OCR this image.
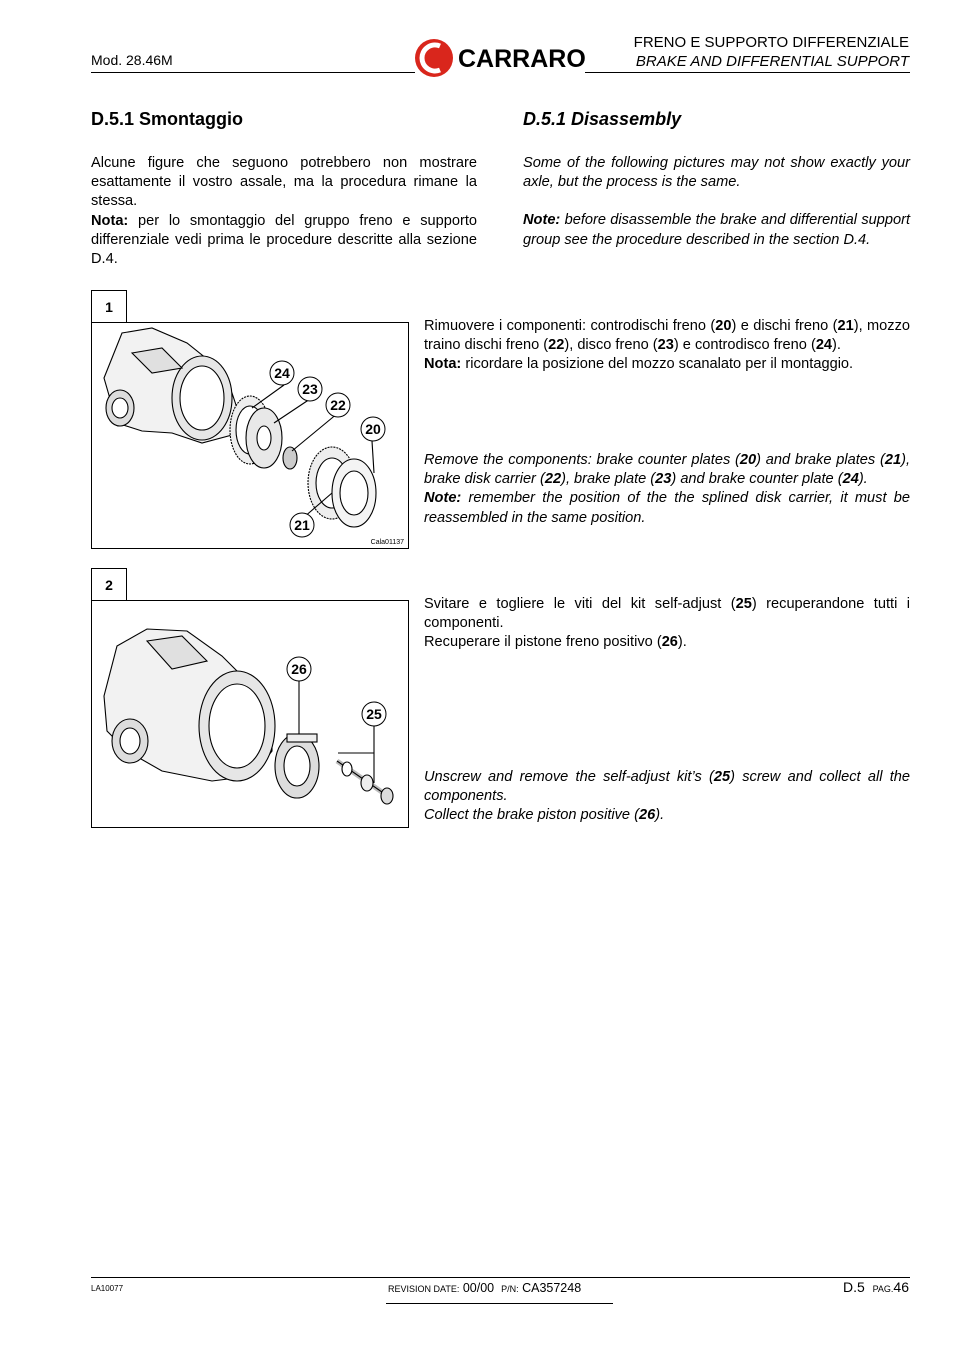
Mod. 28.46M	CARRARO
FRENO E SUPPORTO DIFFERENZIALE
BRAKE AND DIFFERENTIAL SUPPORT
D.5.1 Smontaggio	D.5.1 Disassembly

Alcune figure che seguono potrebbero non mostrare esattamente il vostro assale, ma la procedura rimane la stessa.

Nota: per lo smontaggio del gruppo freno e supporto differenziale vedi prima le procedure descritte alla sezione D.4.

Some of the following pictures may not show exactly your axle, but the process is the same.

Note: before disassemble the brake and differential support group see the procedure described in the section D.4.

1
24
23
22
20
21
Cala01137

Rimuovere i componenti: controdischi freno (20) e dischi freno (21), mozzo traino dischi freno (22), disco freno (23) e controdisco freno (24).

Nota: ricordare la posizione del mozzo scanalato per il montaggio.

Remove the components: brake counter plates (20) and brake plates (21), brake disk carrier (22), brake plate (23) and brake counter plate (24).

Note: remember the position of the the splined disk carrier, it must be reassembled in the same position.

2
26
25

Svitare e togliere le viti del kit self-adjust (25) recuperandone tutti i componenti.

Recuperare il pistone freno positivo (26).

Unscrew and remove the self-adjust kit’s (25) screw and collect all the components.

Collect the brake piston positive (26).

LA10077	REVISION DATE: 00/00 P/N: CA357248	D.5 PAG.46
